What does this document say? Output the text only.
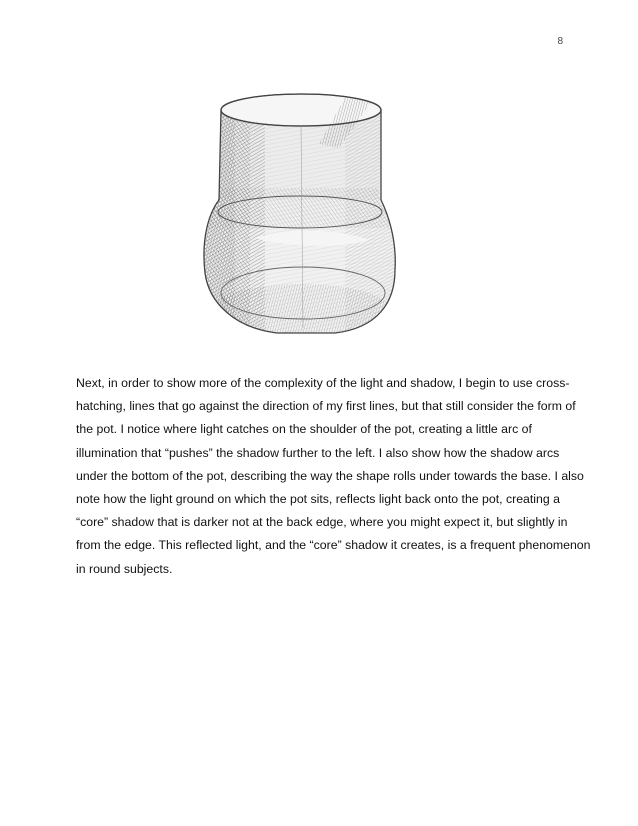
8
Next, in order to show more of the complexity of the light and shadow, I begin to use cross-
hatching, lines that go against the direction of my first lines, but that still consider the form of
the pot. I notice where light catches on the shoulder of the pot, creating a little arc of
illumination that “pushes” the shadow further to the left. I also show how the shadow arcs
under the bottom of the pot, describing the way the shape rolls under towards the base. I also
note how the light ground on which the pot sits, reflects light back onto the pot, creating a
“core” shadow that is darker not at the back edge, where you might expect it, but slightly in
from the edge. This reflected light, and the “core” shadow it creates, is a frequent phenomenon
in round subjects.
